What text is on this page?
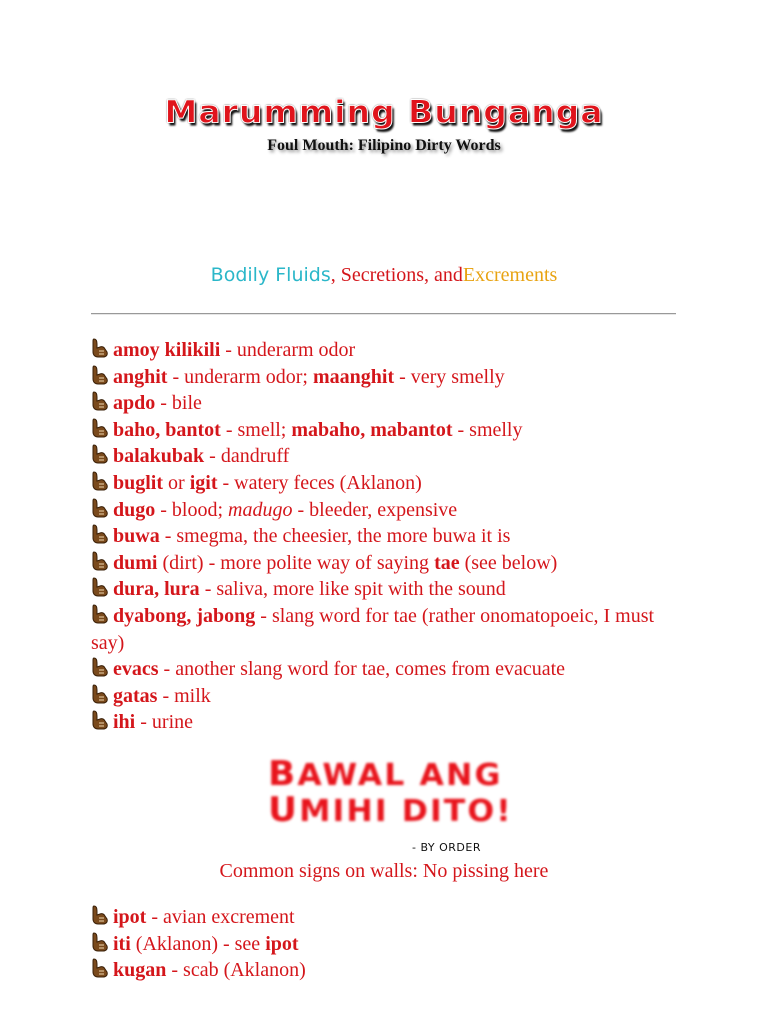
Marumming Bunganga
Foul Mouth: Filipino Dirty Words
Bodily Fluids, Secretions, andExcrements
amoy kilikili - underarm odor
anghit - underarm odor; maanghit - very smelly
apdo - bile
baho, bantot - smell; mabaho, mabantot - smelly
balakubak - dandruff
buglit or igit - watery feces (Aklanon)
dugo - blood; madugo - bleeder, expensive
buwa - smegma, the cheesier, the more buwa it is
dumi (dirt) - more polite way of saying tae (see below)
dura, lura - saliva, more like spit with the sound
dyabong, jabong - slang word for tae (rather onomatopoeic, I must say)
evacs - another slang word for tae, comes from evacuate
gatas - milk
ihi - urine
BAWAL ANG
UMIHI DITO!
- BY ORDER
Common signs on walls: No pissing here
ipot - avian excrement
iti (Aklanon) - see ipot
kugan - scab (Aklanon)
